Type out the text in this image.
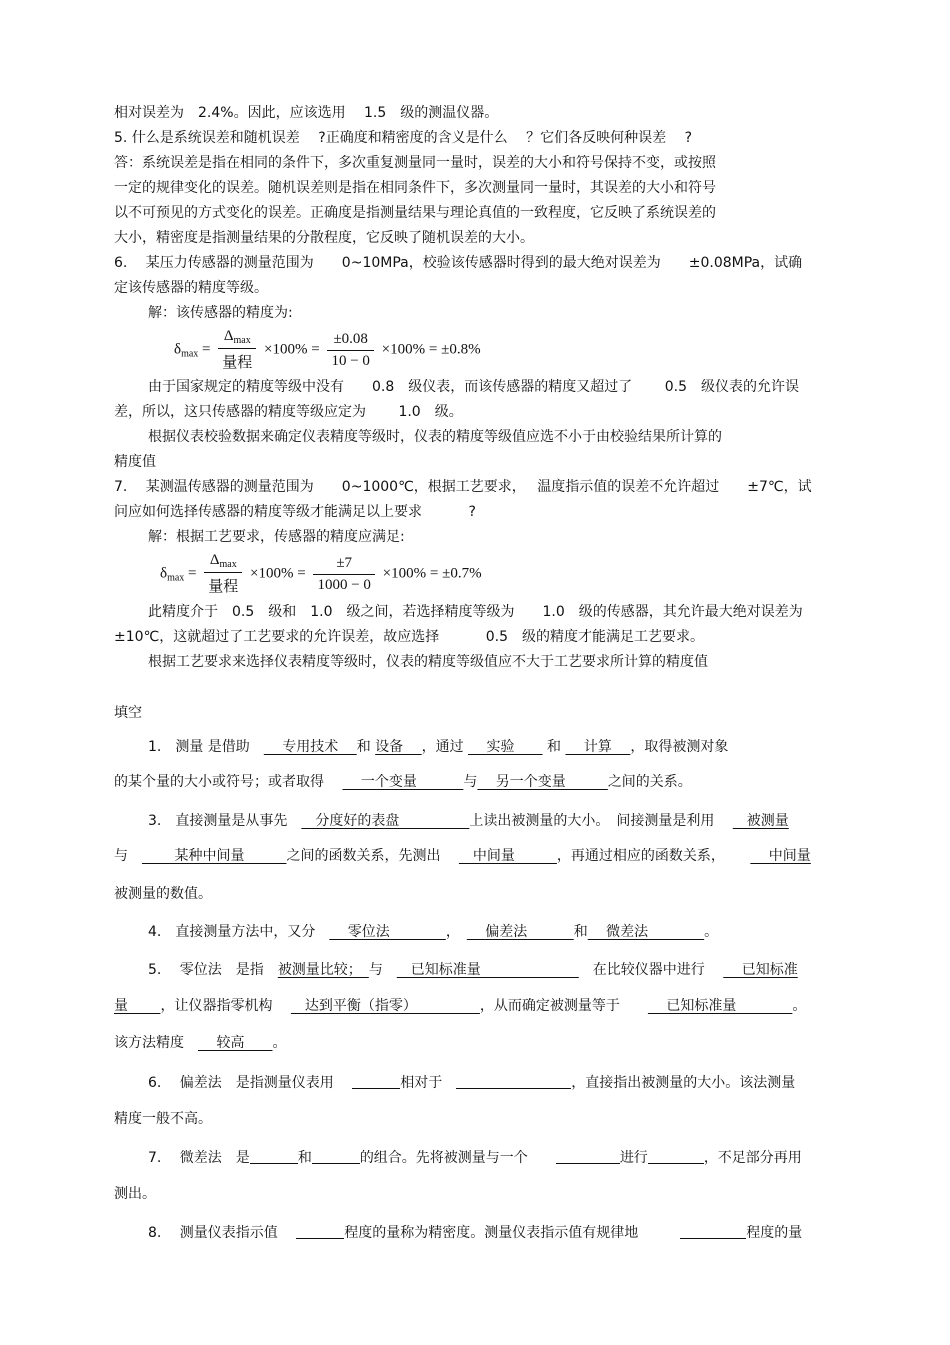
相对误差为　2.4%。因此，应该选用　 1.5　级的测温仪器。
5. 什么是系统误差和随机误差　 ?正确度和精密度的含义是什么　 ？它们各反映何种误差　 ?
答：系统误差是指在相同的条件下，多次重复测量同一量时，误差的大小和符号保持不变，或按照
一定的规律变化的误差。随机误差则是指在相同条件下，多次测量同一量时，其误差的大小和符号
以不可预见的方式变化的误差。正确度是指测量结果与理论真值的一致程度，它反映了系统误差的
大小，精密度是指测量结果的分散程度，它反映了随机误差的大小。
6.　 某压力传感器的测量范围为　　0~10MPa，校验该传感器时得到的最大绝对误差为　　±0.08MPa，试确
定该传感器的精度等级。
解：该传感器的精度为:
$\delta_{max} = \frac{\Delta_{max}}{\text{量程}} \times 100\% = \frac{\pm 0.08}{10 - 0} \times 100\% = \pm 0.8\%$
由于国家规定的精度等级中没有　　0.8　级仪表，而该传感器的精度又超过了　　 0.5　级仪表的允许误
差，所以，这只传感器的精度等级应定为　　 1.0　级。
根据仪表校验数据来确定仪表精度等级时，仪表的精度等级值应选不小于由校验结果所计算的
精度值
7.　 某测温传感器的测量范围为　　0~1000℃，根据工艺要求，　 温度指示值的误差不允许超过　　±7℃，试
问应如何选择传感器的精度等级才能满足以上要求　　　 ?
解：根据工艺要求，传感器的精度应满足:
$\delta_{max} = \frac{\Delta_{max}}{\text{量程}} \times 100\% = \frac{\pm 7}{1000 - 0} \times 100\% = \pm 0.7\%$
此精度介于　0.5　级和　1.0　级之间，若选择精度等级为　　1.0　级的传感器，其允许最大绝对误差为
±10℃，这就超过了工艺要求的允许误差，故应选择　　　 0.5　级的精度才能满足工艺要求。
根据工艺要求来选择仪表精度等级时，仪表的精度等级值应不大于工艺要求所计算的精度值
填空
1.　测量 是借助　　 专用技术　 和 设备　 ，通过 　 实验　　 和 　 计算　 ，取得被测对象
的某个量的大小或符号；或者取得　 　 一个变量　　　 与　 另一个变量　　　之间的关系。
3.　直接测量是从事先　　分度好的表盘　　　　　上读出被测量的大小。　间接测量是利用　 　被测量
与　　　 某种中间量　　　之间的函数关系，先测出　 　中间量　　　，再通过相应的函数关系，　　 　 中间量
被测量的数值。
4.　直接测量方法中，又分　　 零位法　　　　，　　 偏差法　　　 和　 微差法　　　　。
5.　 零位法　是指　被测量比较；　与　　已知标准量　　　　　　　　在比较仪器中进行　 　 已知标准
量　　 ，让仪器指零机构　 　达到平衡（指零）　　　　　，从而确定被测量等于　　　 已知标准量　　　　。
该方法精度　　 较高　　。
6.　 偏差法　是指测量仪表用　	相对于　	，直接指出被测量的大小。该法测量
精度一般不高。
7.　 微差法　是	和	的组合。先将被测量与一个　　	进行	，不足部分再用
测出。
8.　 测量仪表指示值　	程度的量称为精密度。测量仪表指示值有规律地　　　	程度的量
